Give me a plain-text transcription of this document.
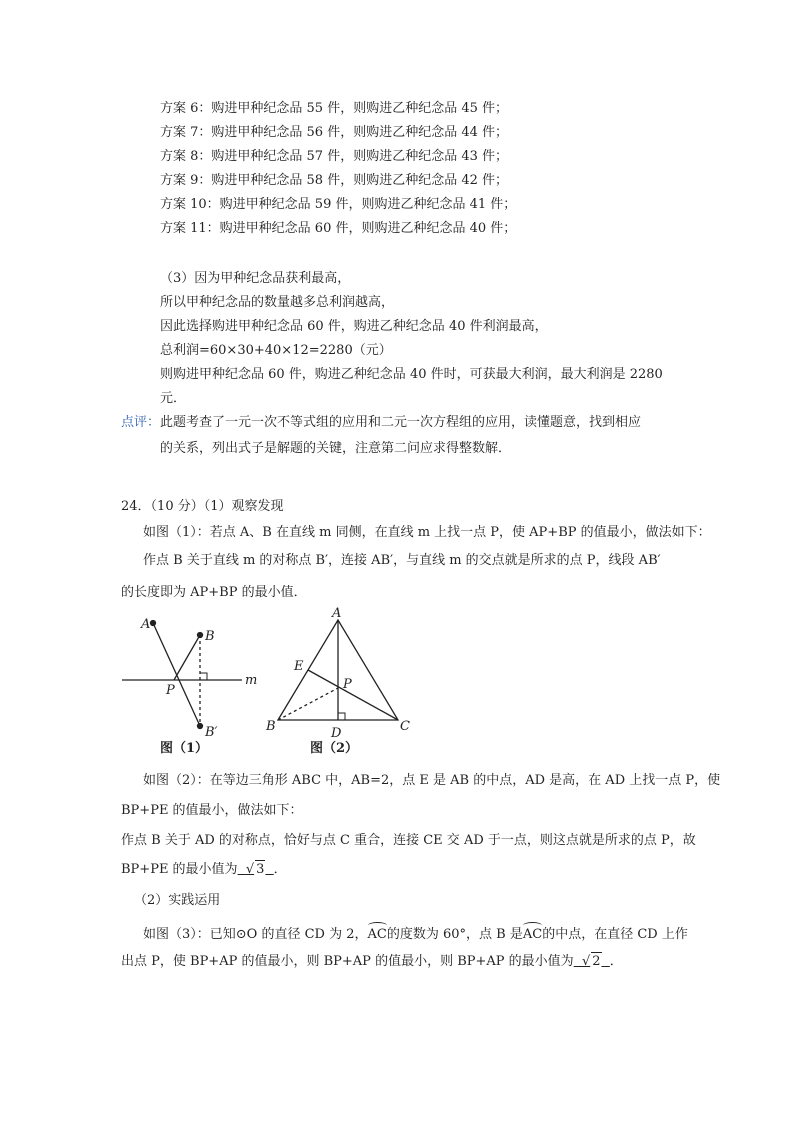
方案 6：购进甲种纪念品 55 件，则购进乙种纪念品 45 件；
方案 7：购进甲种纪念品 56 件，则购进乙种纪念品 44 件；
方案 8：购进甲种纪念品 57 件，则购进乙种纪念品 43 件；
方案 9：购进甲种纪念品 58 件，则购进乙种纪念品 42 件；
方案 10：购进甲种纪念品 59 件，则购进乙种纪念品 41 件；
方案 11：购进甲种纪念品 60 件，则购进乙种纪念品 40 件；
（3）因为甲种纪念品获利最高，
所以甲种纪念品的数量越多总利润越高，
因此选择购进甲种纪念品 60 件，购进乙种纪念品 40 件利润最高，
总利润=60×30+40×12=2280（元）
则购进甲种纪念品 60 件，购进乙种纪念品 40 件时，可获最大利润，最大利润是 2280
元．
点评：此题考查了一元一次不等式组的应用和二元一次方程组的应用，读懂题意，找到相应
的关系，列出式子是解题的关键，注意第二问应求得整数解．
24．（10 分）（1）观察发现
如图（1）：若点 A、B 在直线 m 同侧，在直线 m 上找一点 P，使 AP+BP 的值最小，做法如下：
作点 B 关于直线 m 的对称点 B′，连接 AB′，与直线 m 的交点就是所求的点 P，线段 AB′
的长度即为 AP+BP 的最小值．
A
B
m
P
B′
图（1）
A
E
P
B	D	C
图（2）
如图（2）：在等边三角形 ABC 中，AB=2，点 E 是 AB 的中点，AD 是高，在 AD 上找一点 P，使
BP+PE 的值最小，做法如下：
作点 B 关于 AD 的对称点，恰好与点 C 重合，连接 CE 交 AD 于一点，则这点就是所求的点 P，故
BP+PE 的最小值为 √ 3 ．
（2）实践运用
如图（3）：已知⊙O 的直径 CD 为 2，AC的度数为 60°，点 B 是AC的中点，在直径 CD 上作
出点 P，使 BP+AP 的值最小，则 BP+AP 的值最小，则 BP+AP 的最小值为 √ 2 ．
